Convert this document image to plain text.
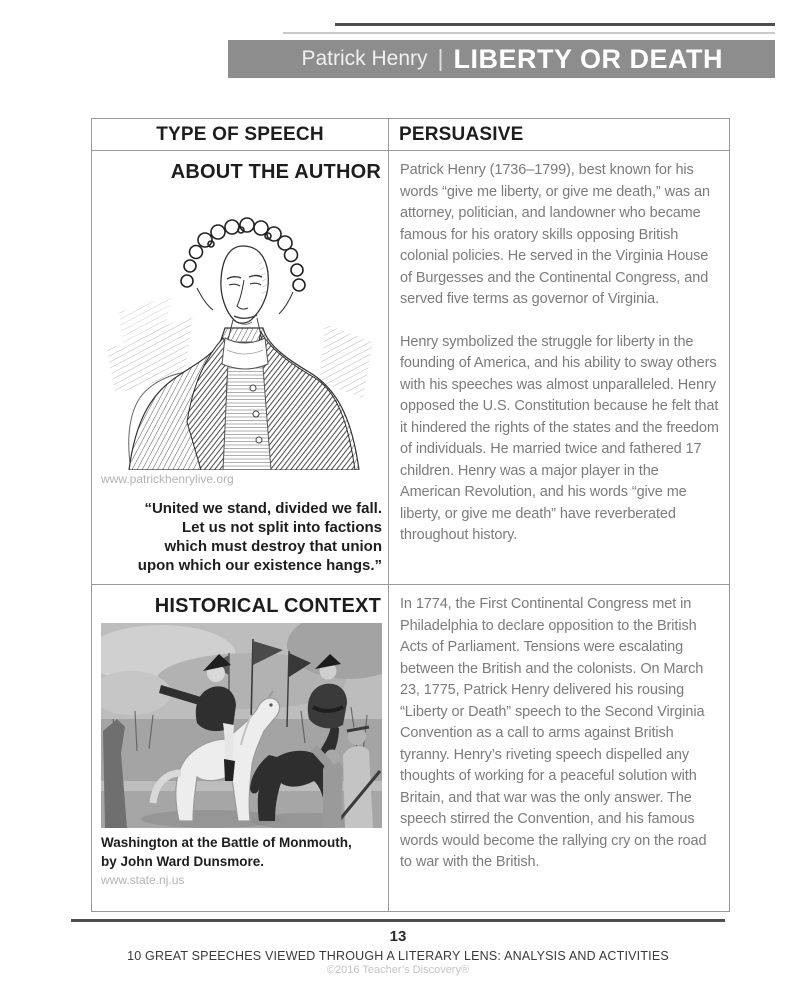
Patrick Henry | LIBERTY OR DEATH
TYPE OF SPEECH	PERSUASIVE
ABOUT THE AUTHOR
www.patrickhenrylive.org
“United we stand, divided we fall.
Let us not split into factions
which must destroy that union
upon which our existence hangs.”

Patrick Henry (1736–1799), best known for his words “give me liberty, or give me death,” was an attorney, politician, and landowner who became famous for his oratory skills opposing British colonial policies. He served in the Virginia House of Burgesses and the Continental Congress, and served five terms as governor of Virginia.

Henry symbolized the struggle for liberty in the founding of America, and his ability to sway others with his speeches was almost unparalleled. Henry opposed the U.S. Constitution because he felt that it hindered the rights of the states and the freedom of individuals. He married twice and fathered 17 children. Henry was a major player in the American Revolution, and his words “give me liberty, or give me death” have reverberated throughout history.

HISTORICAL CONTEXT
Washington at the Battle of Monmouth,
by John Ward Dunsmore.
www.state.nj.us

In 1774, the First Continental Congress met in Philadelphia to declare opposition to the British Acts of Parliament. Tensions were escalating between the British and the colonists. On March 23, 1775, Patrick Henry delivered his rousing “Liberty or Death” speech to the Second Virginia Convention as a call to arms against British tyranny. Henry’s riveting speech dispelled any thoughts of working for a peaceful solution with Britain, and that war was the only answer. The speech stirred the Convention, and his famous words would become the rallying cry on the road to war with the British.

13
10 GREAT SPEECHES VIEWED THROUGH A LITERARY LENS: ANALYSIS AND ACTIVITIES
©2016 Teacher’s Discovery®
